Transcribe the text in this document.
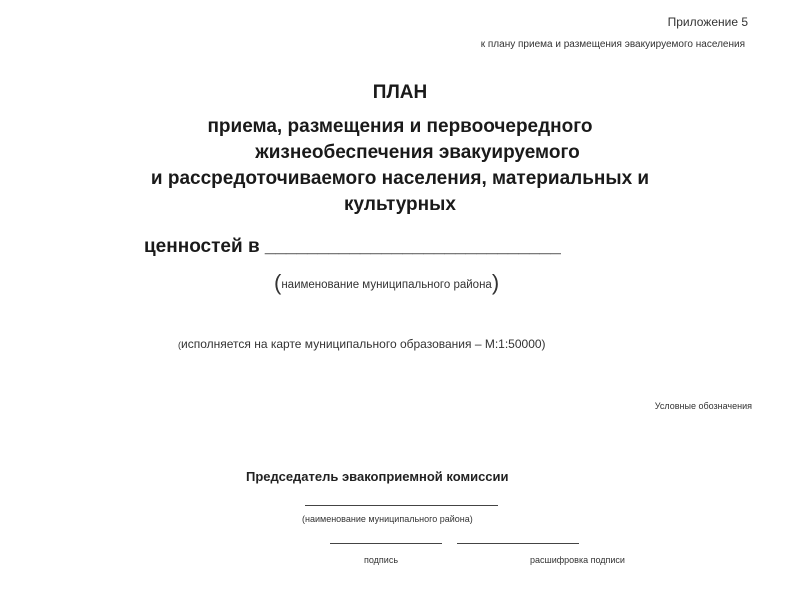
Приложение 5
к плану приема и размещения эвакуируемого населения
ПЛАН
приема, размещения и первоочередного
жизнеобеспечения эвакуируемого
и рассредоточиваемого населения, материальных и
культурных
ценностей в ____________________________
(наименование муниципального района)
(исполняется на карте муниципального образования – М:1:50000)
Условные обозначения
Председатель эвакоприемной комиссии
(наименование муниципального района)
подпись	расшифровка подписи
